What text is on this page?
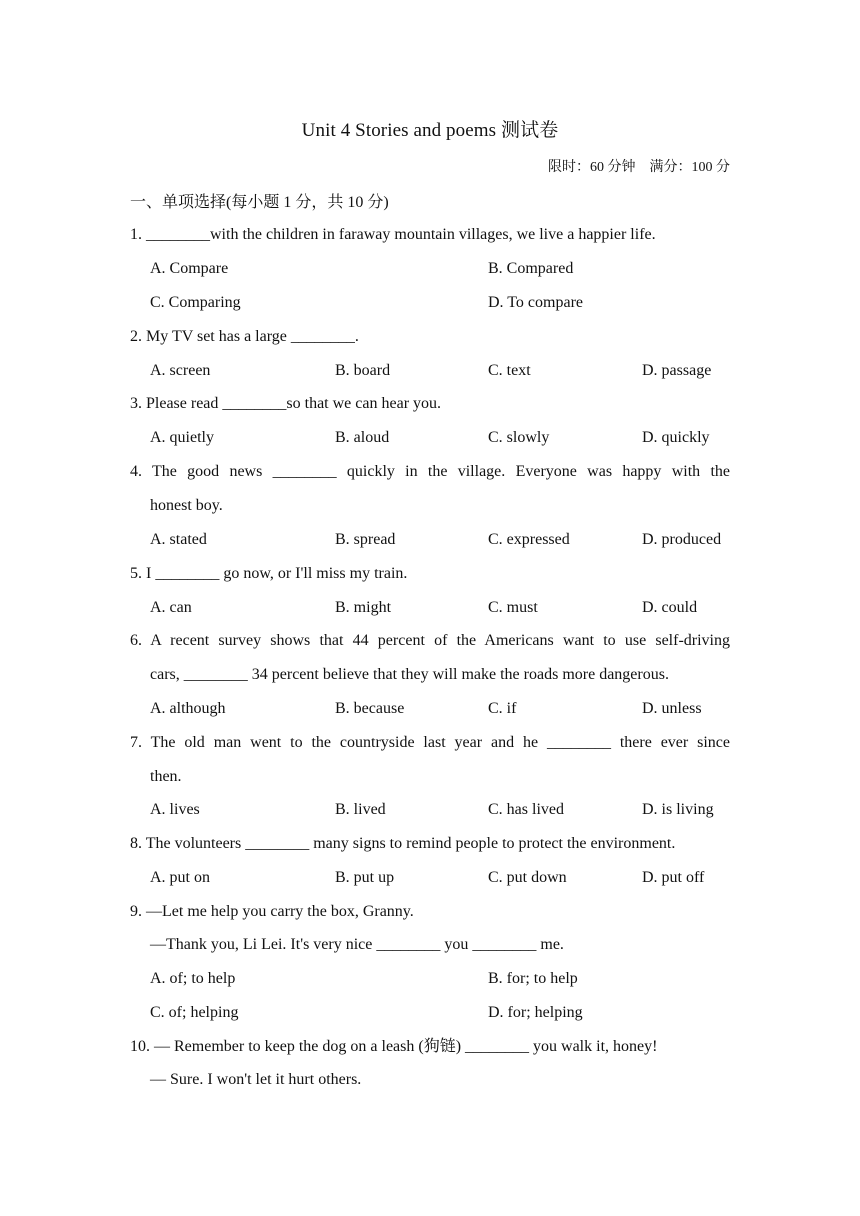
Unit 4 Stories and poems 测试卷
限时：60 分钟    满分：100 分
一、单项选择(每小题 1 分，共 10 分)
1. ________with the children in faraway mountain villages, we live a happier life.
A. Compare	B. Compared
C. Comparing	D. To compare
2. My TV set has a large ________.
A. screen	B. board	C. text	D. passage
3. Please read ________so that we can hear you.
A. quietly	B. aloud	C. slowly	D. quickly
4. The good news ________ quickly in the village. Everyone was happy with the
honest boy.
A. stated	B. spread	C. expressed	D. produced
5. I ________ go now, or I'll miss my train.
A. can	B. might	C. must	D. could
6. A recent survey shows that 44 percent of the Americans want to use self-driving
cars, ________ 34 percent believe that they will make the roads more dangerous.
A. although	B. because	C. if	D. unless
7. The old man went to the countryside last year and he ________ there ever since
then.
A. lives	B. lived	C. has lived	D. is living
8. The volunteers ________ many signs to remind people to protect the environment.
A. put on	B. put up	C. put down	D. put off
9. —Let me help you carry the box, Granny.
—Thank you, Li Lei. It's very nice ________ you ________ me.
A. of; to help	B. for; to help
C. of; helping	D. for; helping
10. — Remember to keep the dog on a leash (狗链) ________ you walk it, honey!
— Sure. I won't let it hurt others.
